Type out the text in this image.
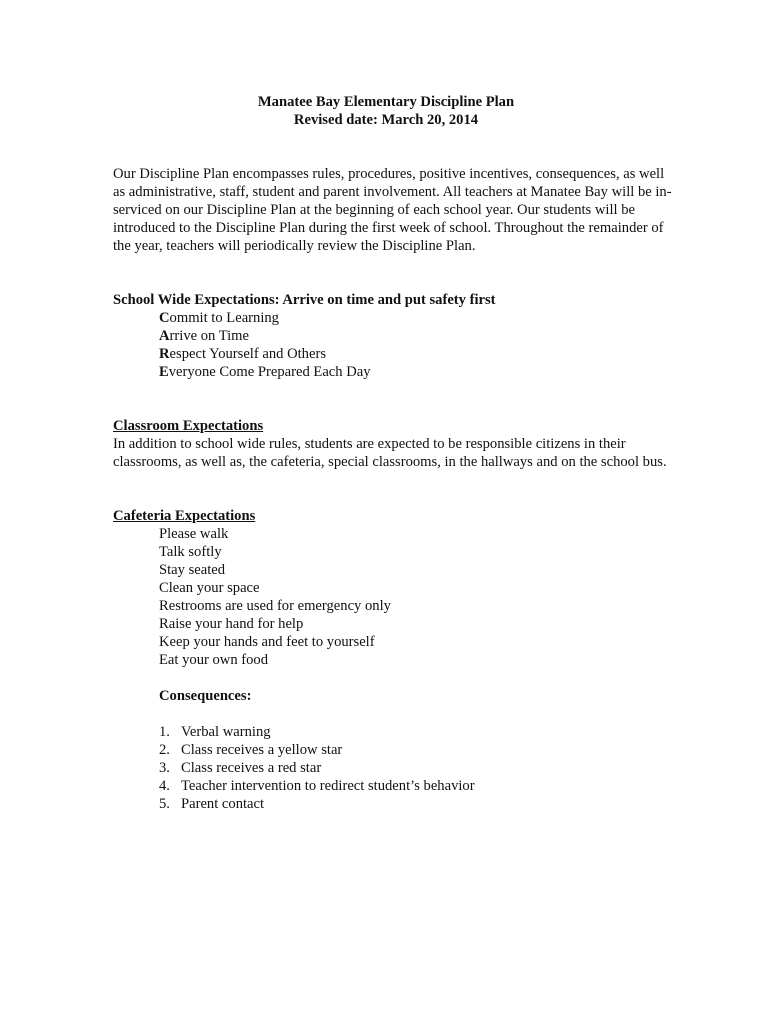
Manatee Bay Elementary Discipline Plan
Revised date: March 20, 2014

Our Discipline Plan encompasses rules, procedures, positive incentives, consequences, as well as administrative, staff, student and parent involvement. All teachers at Manatee Bay will be in-serviced on our Discipline Plan at the beginning of each school year. Our students will be introduced to the Discipline Plan during the first week of school. Throughout the remainder of the year, teachers will periodically review the Discipline Plan.

School Wide Expectations: Arrive on time and put safety first
Commit to Learning
Arrive on Time
Respect Yourself and Others
Everyone Come Prepared Each Day
Classroom Expectations

In addition to school wide rules, students are expected to be responsible citizens in their classrooms, as well as, the cafeteria, special classrooms, in the hallways and on the school bus.

Cafeteria Expectations
Please walk
Talk softly
Stay seated
Clean your space
Restrooms are used for emergency only
Raise your hand for help
Keep your hands and feet to yourself
Eat your own food
Consequences:
1. Verbal warning
2. Class receives a yellow star
3. Class receives a red star
4. Teacher intervention to redirect student’s behavior
5. Parent contact
